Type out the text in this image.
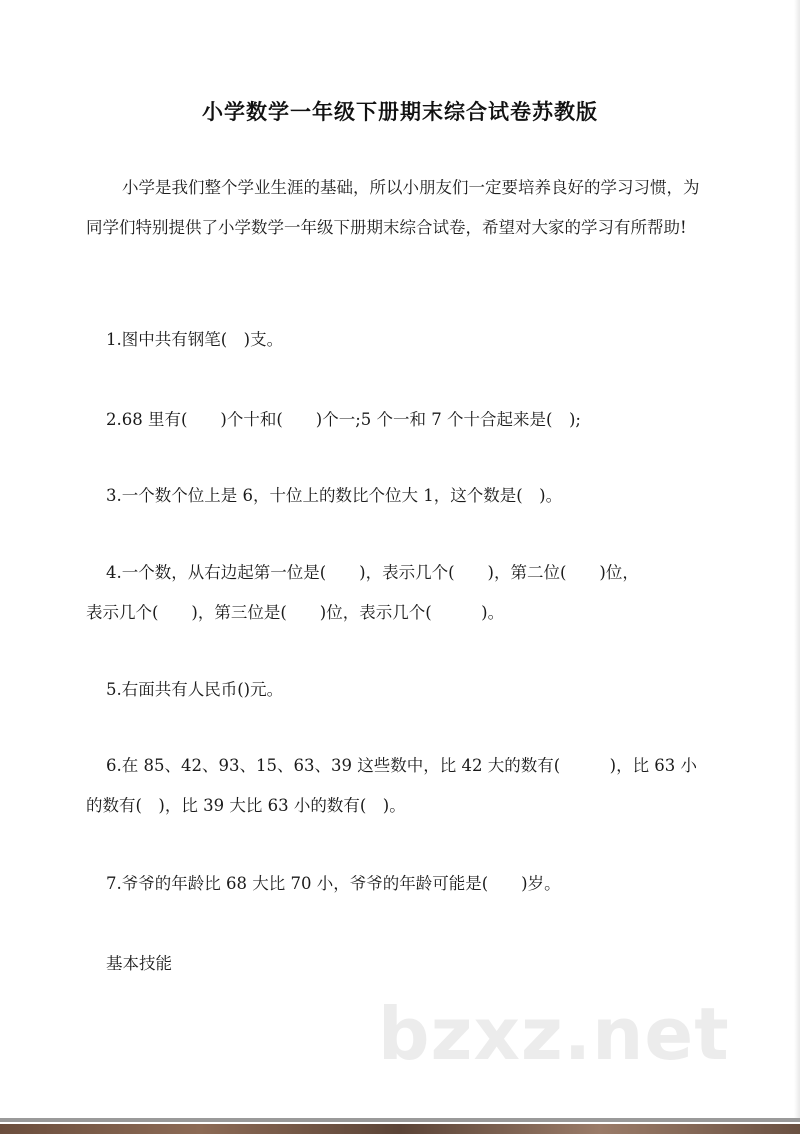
小学数学一年级下册期末综合试卷苏教版

小学是我们整个学业生涯的基础，所以小朋友们一定要培养良好的学习习惯，为同学们特别提供了小学数学一年级下册期末综合试卷，希望对大家的学习有所帮助!

1.图中共有钢笔(　)支。

2.68 里有(　　)个十和(　　)个一;5 个一和 7 个十合起来是(　);

3.一个数个位上是 6，十位上的数比个位大 1，这个数是(　)。

4.一个数，从右边起第一位是(　　)，表示几个(　　)，第二位(　　)位，
表示几个(　　)，第三位是(　　)位，表示几个(　　　)。

5.右面共有人民币()元。

6.在 85、42、93、15、63、39 这些数中，比 42 大的数有(　　　)，比 63 小
的数有(　)，比 39 大比 63 小的数有(　)。

7.爷爷的年龄比 68 大比 70 小，爷爷的年龄可能是(　　)岁。

基本技能

bzxz.net
